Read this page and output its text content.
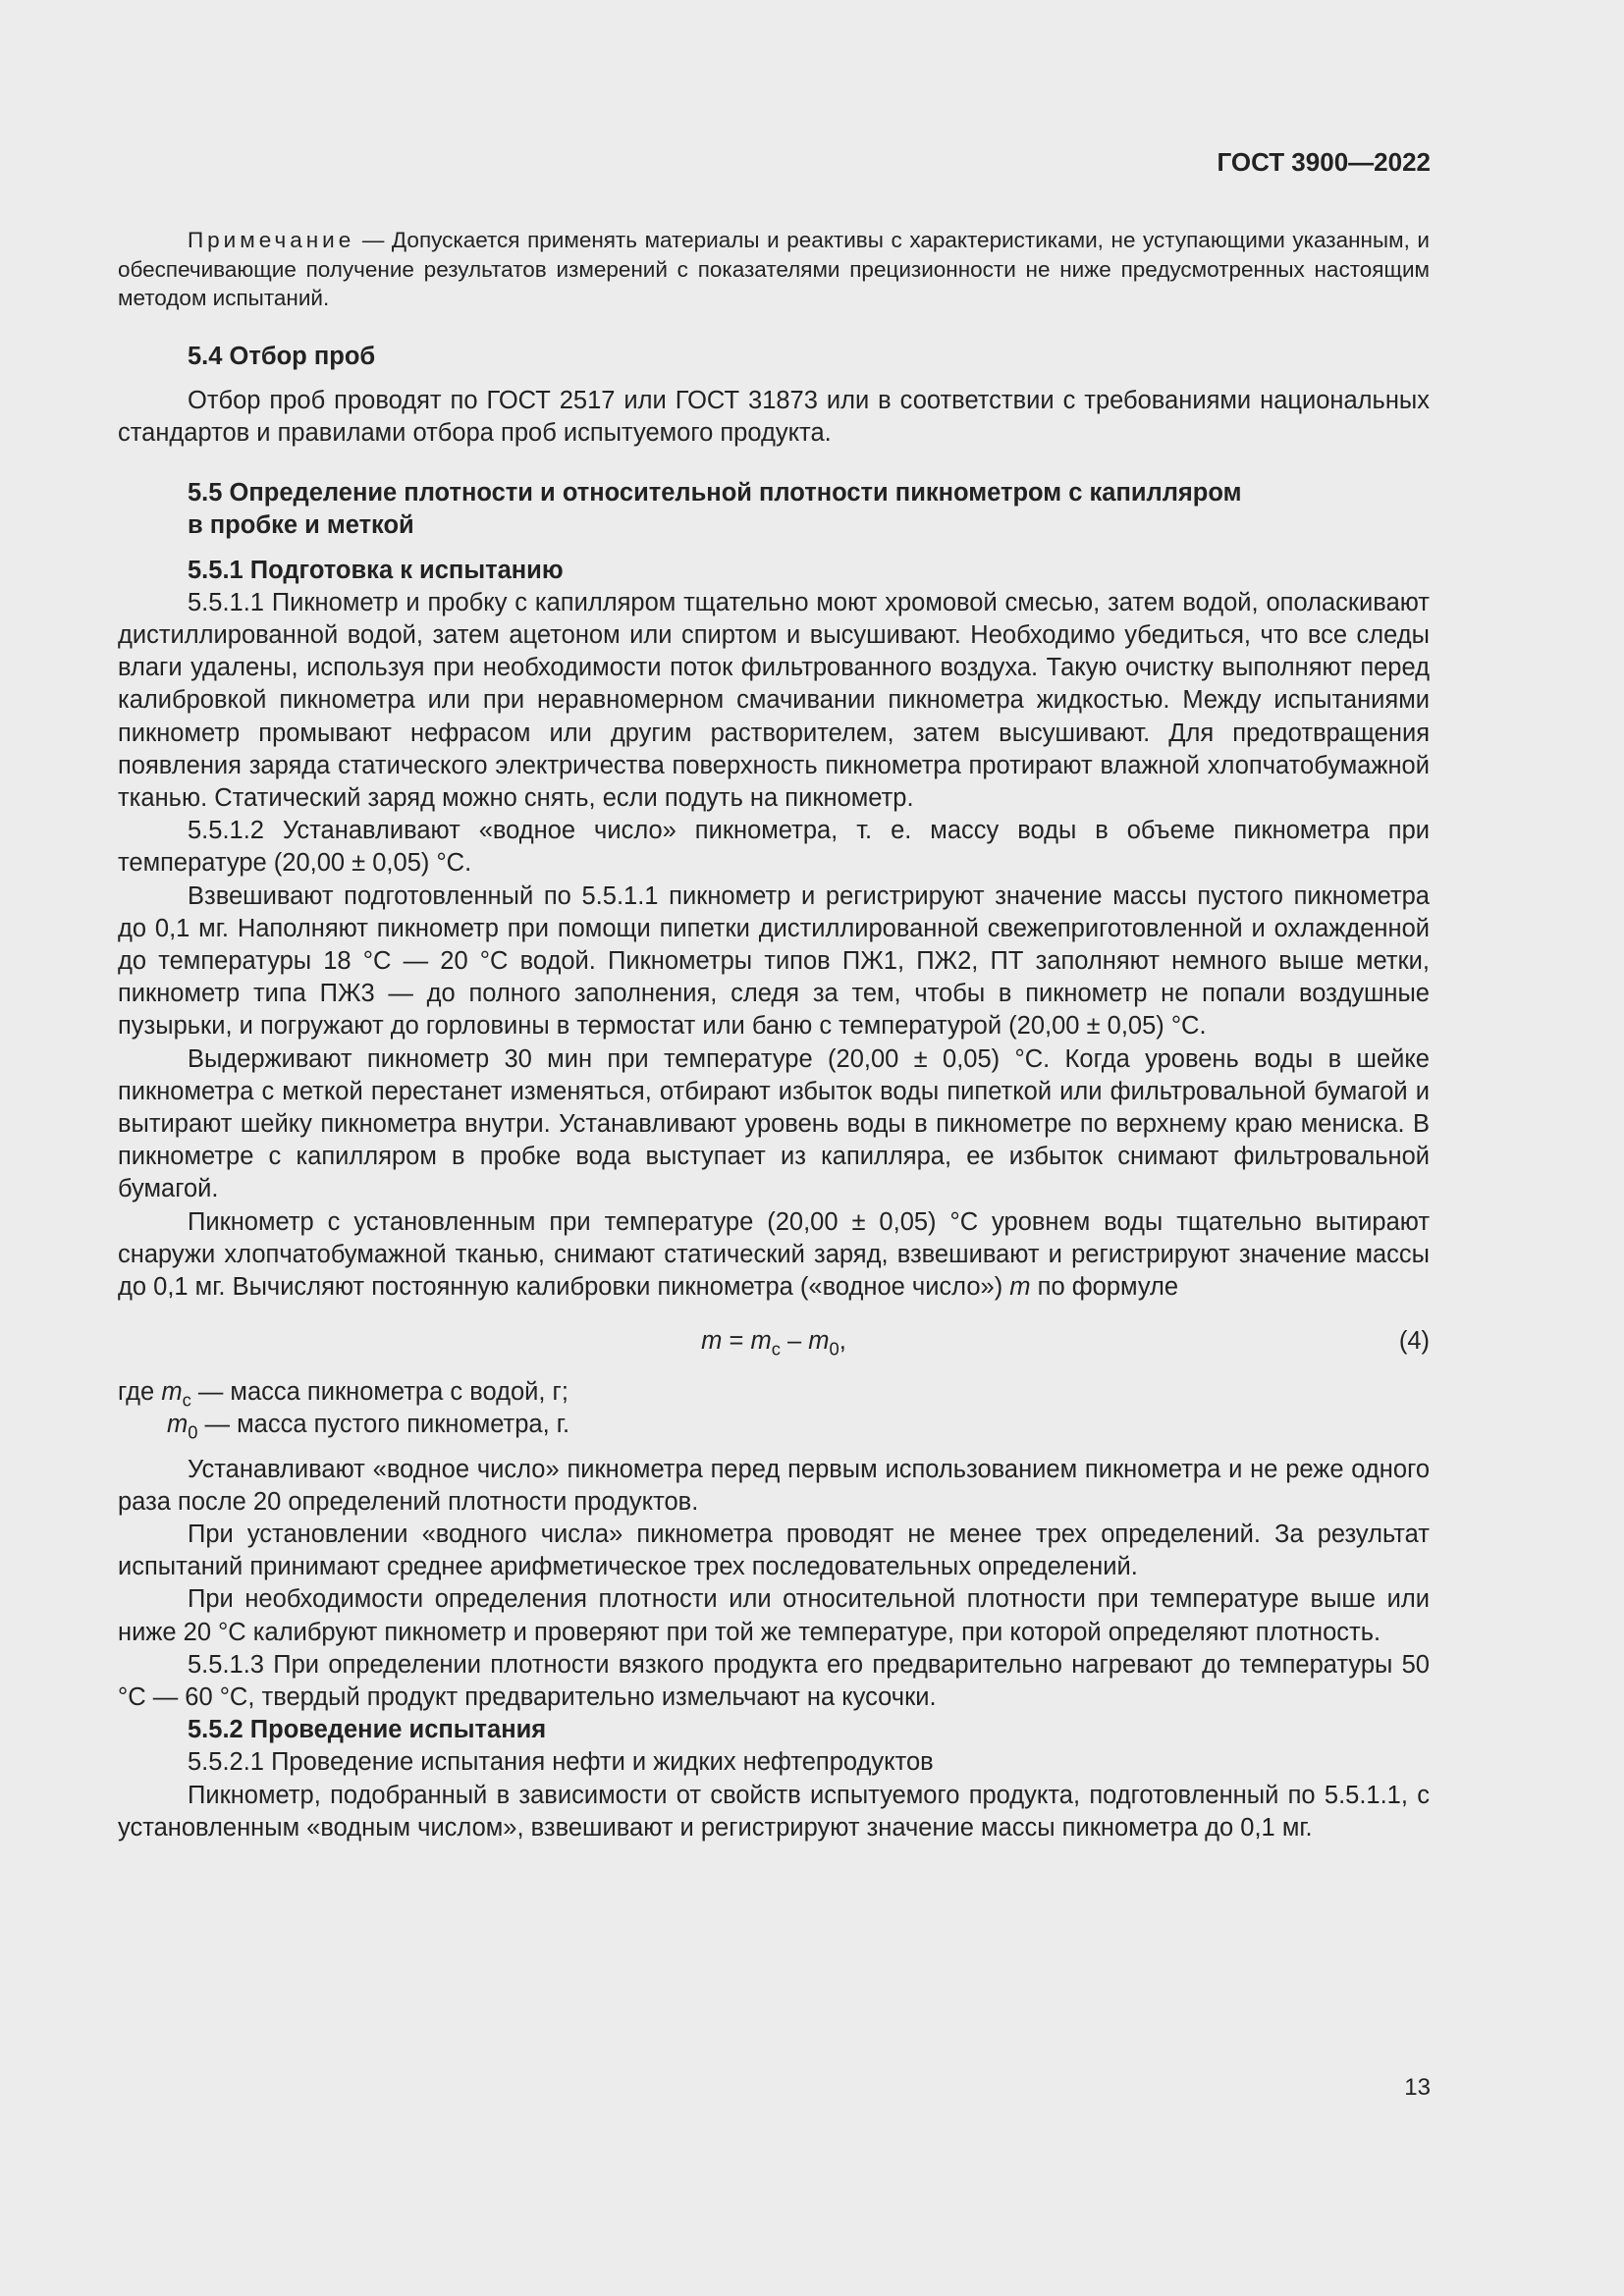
ГОСТ 3900—2022

Примечание — Допускается применять материалы и реактивы с характеристиками, не уступающими указанным, и обеспечивающие получение результатов измерений с показателями прецизионности не ниже предусмотренных настоящим методом испытаний.

5.4 Отбор проб

Отбор проб проводят по ГОСТ 2517 или ГОСТ 31873 или в соответствии с требованиями национальных стандартов и правилами отбора проб испытуемого продукта.

5.5 Определение плотности и относительной плотности пикнометром с капилляром

в пробке и меткой

5.5.1 Подготовка к испытанию

5.5.1.1 Пикнометр и пробку с капилляром тщательно моют хромовой смесью, затем водой, ополаскивают дистиллированной водой, затем ацетоном или спиртом и высушивают. Необходимо убедиться, что все следы влаги удалены, используя при необходимости поток фильтрованного воздуха. Такую очистку выполняют перед калибровкой пикнометра или при неравномерном смачивании пикнометра жидкостью. Между испытаниями пикнометр промывают нефрасом или другим растворителем, затем высушивают. Для предотвращения появления заряда статического электричества поверхность пикнометра протирают влажной хлопчатобумажной тканью. Статический заряд можно снять, если подуть на пикнометр.

5.5.1.2 Устанавливают «водное число» пикнометра, т. е. массу воды в объеме пикнометра при температуре (20,00 ± 0,05) °С.

Взвешивают подготовленный по 5.5.1.1 пикнометр и регистрируют значение массы пустого пикнометра до 0,1 мг. Наполняют пикнометр при помощи пипетки дистиллированной свежеприготовленной и охлажденной до температуры 18 °С — 20 °С водой. Пикнометры типов ПЖ1, ПЖ2, ПТ заполняют немного выше метки, пикнометр типа ПЖ3 — до полного заполнения, следя за тем, чтобы в пикнометр не попали воздушные пузырьки, и погружают до горловины в термостат или баню с температурой (20,00 ± 0,05) °С.

Выдерживают пикнометр 30 мин при температуре (20,00 ± 0,05) °С. Когда уровень воды в шейке пикнометра с меткой перестанет изменяться, отбирают избыток воды пипеткой или фильтровальной бумагой и вытирают шейку пикнометра внутри. Устанавливают уровень воды в пикнометре по верхнему краю мениска. В пикнометре с капилляром в пробке вода выступает из капилляра, ее избыток снимают фильтровальной бумагой.

Пикнометр с установленным при температуре (20,00 ± 0,05) °С уровнем воды тщательно вытирают снаружи хлопчатобумажной тканью, снимают статический заряд, взвешивают и регистрируют значение массы до 0,1 мг. Вычисляют постоянную калибровки пикнометра («водное число») m по формуле

$m = m_с - m_0$,	(4)

где $m_с$ — масса пикнометра с водой, г;

$m_0$ — масса пустого пикнометра, г.

Устанавливают «водное число» пикнометра перед первым использованием пикнометра и не реже одного раза после 20 определений плотности продуктов.

При установлении «водного числа» пикнометра проводят не менее трех определений. За результат испытаний принимают среднее арифметическое трех последовательных определений.

При необходимости определения плотности или относительной плотности при температуре выше или ниже 20 °С калибруют пикнометр и проверяют при той же температуре, при которой определяют плотность.

5.5.1.3 При определении плотности вязкого продукта его предварительно нагревают до температуры 50 °С — 60 °С, твердый продукт предварительно измельчают на кусочки.

5.5.2 Проведение испытания

5.5.2.1 Проведение испытания нефти и жидких нефтепродуктов

Пикнометр, подобранный в зависимости от свойств испытуемого продукта, подготовленный по 5.5.1.1, с установленным «водным числом», взвешивают и регистрируют значение массы пикнометра до 0,1 мг.

13
